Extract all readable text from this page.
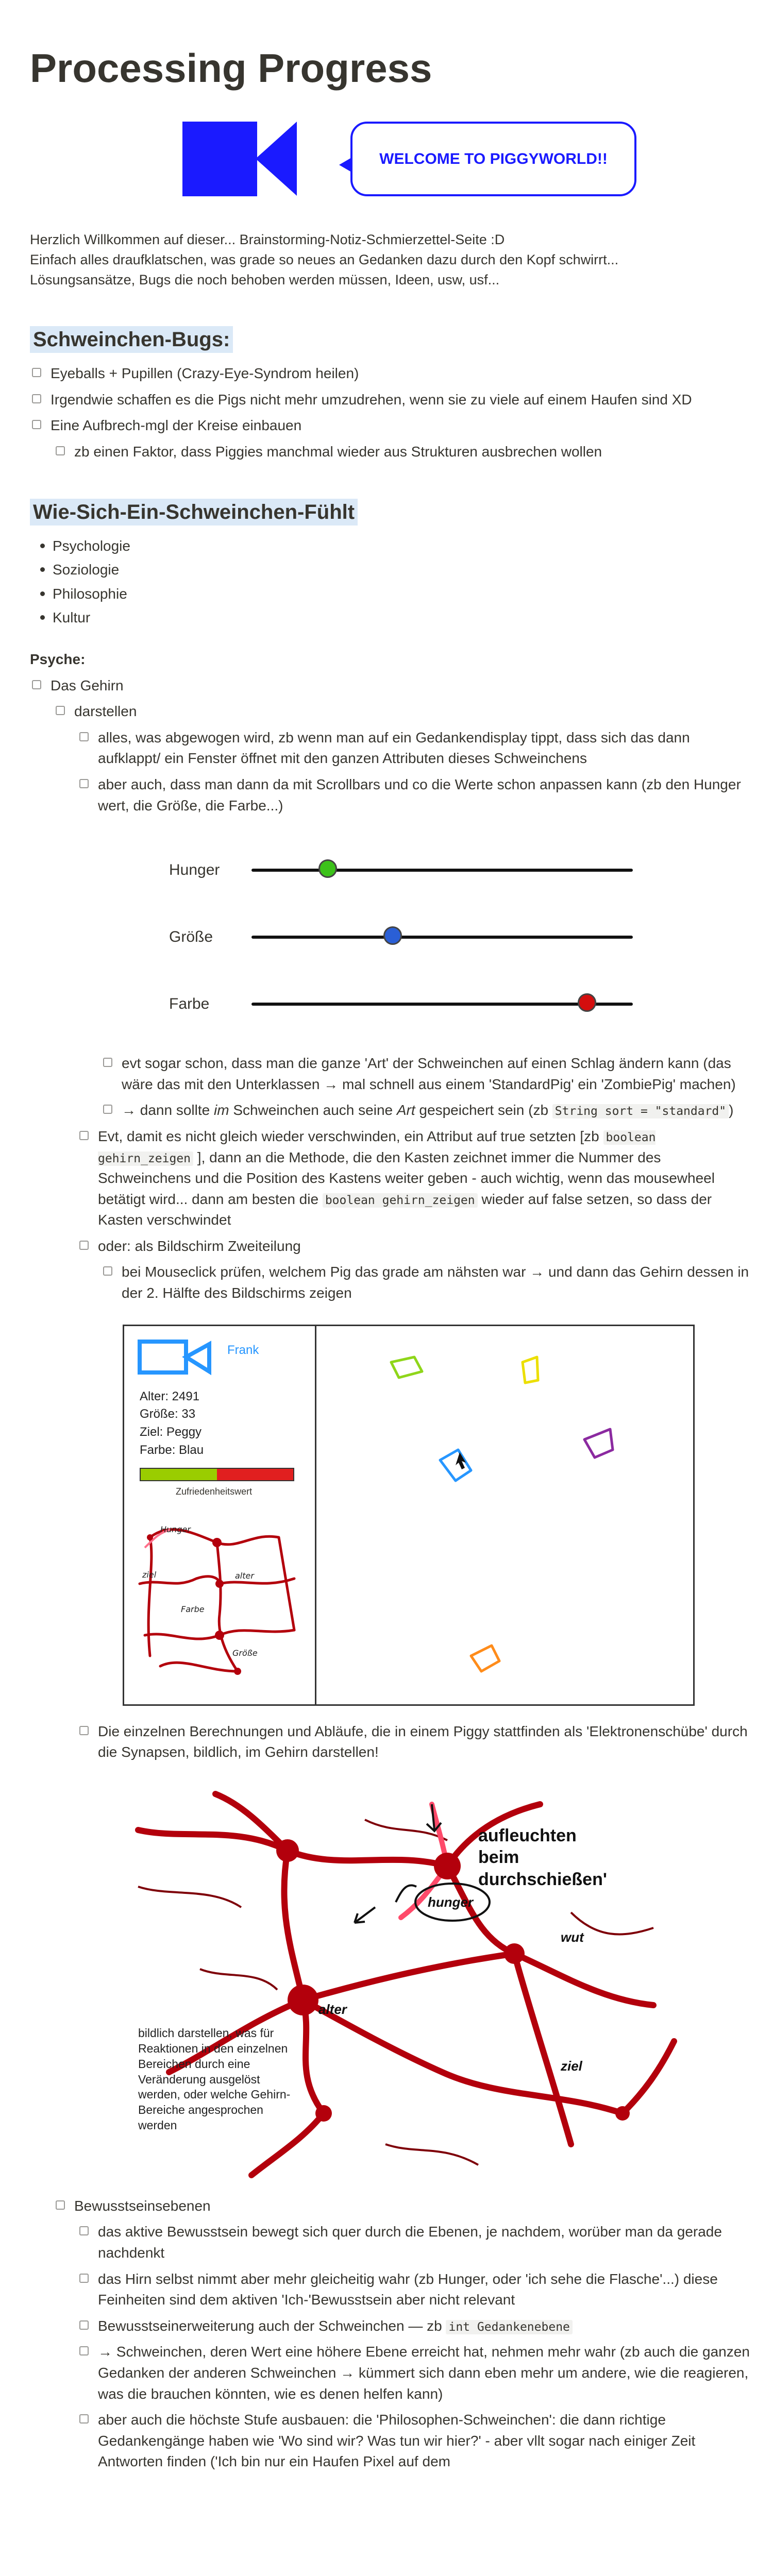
Processing Progress
WELCOME TO PIGGYWORLD!!

Herzlich Willkommen auf dieser... Brainstorming-Notiz-Schmierzettel-Seite :D

Einfach alles draufklatschen, was grade so neues an Gedanken dazu durch den Kopf schwirrt...

Lösungsansätze, Bugs die noch behoben werden müssen, Ideen, usw, usf...

Schweinchen-Bugs:
Eyeballs + Pupillen (Crazy-Eye-Syndrom heilen)
Irgendwie schaffen es die Pigs nicht mehr umzudrehen, wenn sie zu viele auf einem Haufen sind XD
Eine Aufbrech-mgl der Kreise einbauen
zb einen Faktor, dass Piggies manchmal wieder aus Strukturen ausbrechen wollen
Wie-Sich-Ein-Schweinchen-Fühlt
Psychologie
Soziologie
Philosophie
Kultur
Psyche:
Das Gehirn
darstellen
alles, was abgewogen wird, zb wenn man auf ein Gedankendisplay tippt, dass sich das dann aufklappt/ ein Fenster öffnet mit den ganzen Attributen dieses Schweinchens
aber auch, dass man dann da mit Scrollbars und co die Werte schon anpassen kann (zb den Hunger wert, die Größe, die Farbe...)
Hunger
Größe
Farbe
evt sogar schon, dass man die ganze 'Art' der Schweinchen auf einen Schlag ändern kann (das wäre das mit den Unterklassen → mal schnell aus einem 'StandardPig' ein 'ZombiePig' machen)
→ dann sollte im Schweinchen auch seine Art gespeichert sein (zb String sort = "standard" )
Evt, damit es nicht gleich wieder verschwinden, ein Attribut auf true setzten [zb boolean gehirn_zeigen ], dann an die Methode, die den Kasten zeichnet immer die Nummer des Schweinchens und die Position des Kastens weiter geben - auch wichtig, wenn das mousewheel betätigt wird... dann am besten die boolean gehirn_zeigen wieder auf false setzen, so dass der Kasten verschwindet
oder: als Bildschirm Zweiteilung
bei Mouseclick prüfen, welchem Pig das grade am nähsten war → und dann das Gehirn dessen in der 2. Hälfte des Bildschirms zeigen
Frank
Alter: 2491
Größe: 33
Ziel: Peggy
Farbe: Blau
Zufriedenheitswert
Hunger
alter
ziel
Farbe
Größe
Die einzelnen Berechnungen und Abläufe, die in einem Piggy stattfinden als 'Elektronenschübe' durch die Synapsen, bildlich, im Gehirn darstellen!
aufleuchten beim durchschießen'
hunger
wut
alter
ziel
bildlich darstellen, was für Reaktionen in den einzelnen Bereichen durch eine Veränderung ausgelöst werden, oder welche Gehirn-Bereiche angesprochen werden
Bewusstseinsebenen
das aktive Bewusstsein bewegt sich quer durch die Ebenen, je nachdem, worüber man da gerade nachdenkt
das Hirn selbst nimmt aber mehr gleicheitig wahr (zb Hunger, oder 'ich sehe die Flasche'...) diese Feinheiten sind dem aktiven 'Ich-'Bewusstsein aber nicht relevant
Bewusstseinerweiterung auch der Schweinchen — zb int Gedankenebene
→ Schweinchen, deren Wert eine höhere Ebene erreicht hat, nehmen mehr wahr (zb auch die ganzen Gedanken der anderen Schweinchen → kümmert sich dann eben mehr um andere, wie die reagieren, was die brauchen könnten, wie es denen helfen kann)
aber auch die höchste Stufe ausbauen: die 'Philosophen-Schweinchen': die dann richtige Gedankengänge haben wie 'Wo sind wir? Was tun wir hier?' - aber vllt sogar nach einiger Zeit Antworten finden ('Ich bin nur ein Haufen Pixel auf dem
